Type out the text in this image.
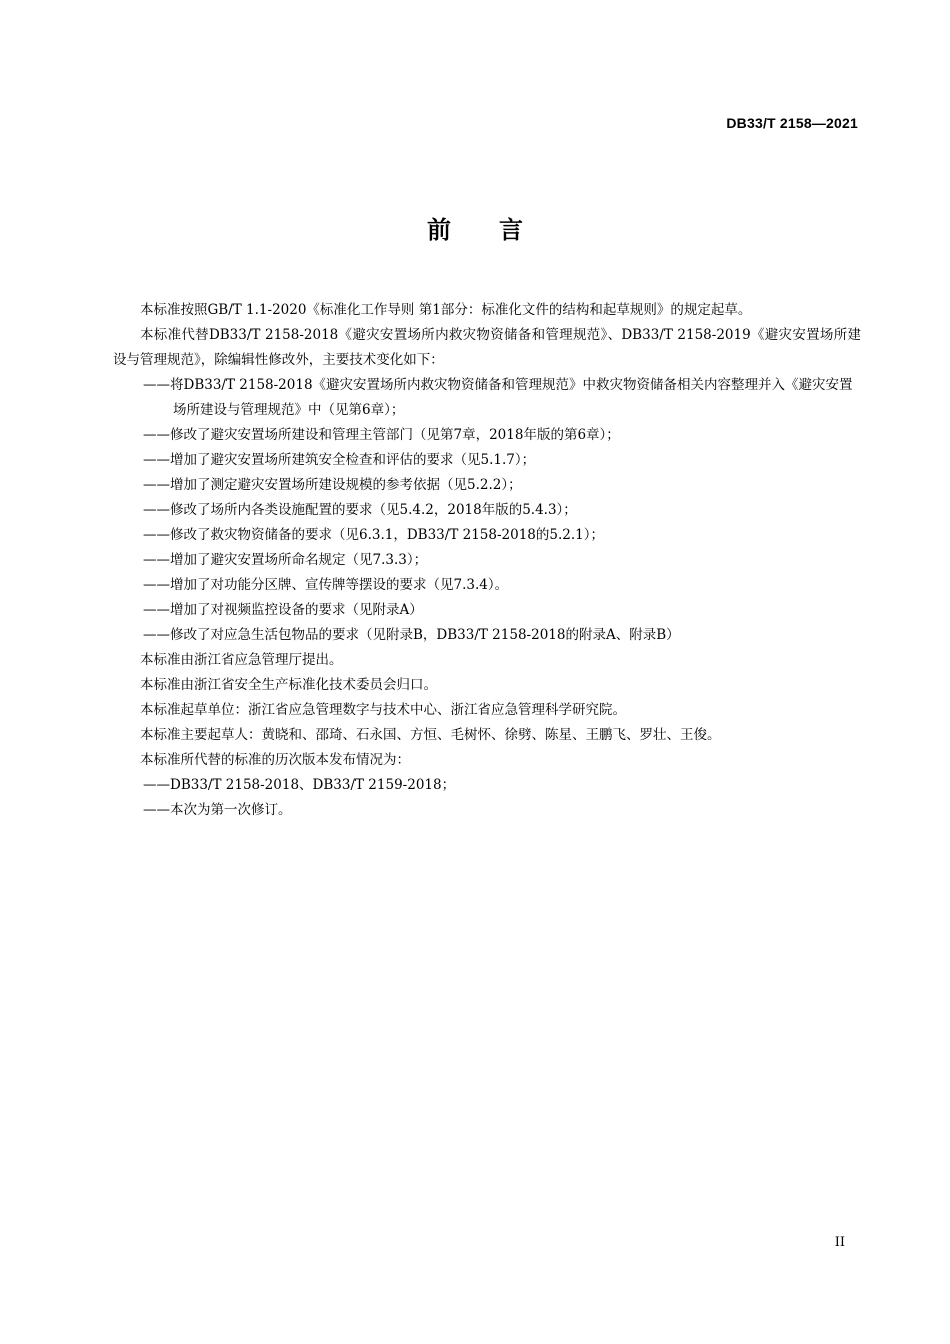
DB33/T 2158—2021
前言

本标准按照GB/T 1.1-2020《标准化工作导则 第1部分：标准化文件的结构和起草规则》的规定起草。

本标准代替DB33/T 2158-2018《避灾安置场所内救灾物资储备和管理规范》、DB33/T 2158-2019《避灾安置场所建设与管理规范》，除编辑性修改外，主要技术变化如下：

——将DB33/T 2158-2018《避灾安置场所内救灾物资储备和管理规范》中救灾物资储备相关内容整理并入《避灾安置场所建设与管理规范》中（见第6章）；

——修改了避灾安置场所建设和管理主管部门（见第7章，2018年版的第6章）；

——增加了避灾安置场所建筑安全检查和评估的要求（见5.1.7）；

——增加了测定避灾安置场所建设规模的参考依据（见5.2.2）；

——修改了场所内各类设施配置的要求（见5.4.2，2018年版的5.4.3）；

——修改了救灾物资储备的要求（见6.3.1，DB33/T 2158-2018的5.2.1）；

——增加了避灾安置场所命名规定（见7.3.3）；

——增加了对功能分区牌、宣传牌等摆设的要求（见7.3.4）。

——增加了对视频监控设备的要求（见附录A）

——修改了对应急生活包物品的要求（见附录B，DB33/T 2158-2018的附录A、附录B）

本标准由浙江省应急管理厅提出。

本标准由浙江省安全生产标准化技术委员会归口。

本标准起草单位：浙江省应急管理数字与技术中心、浙江省应急管理科学研究院。

本标准主要起草人：黄晓和、邵琦、石永国、方恒、毛树怀、徐劈、陈星、王鹏飞、罗壮、王俊。

本标准所代替的标准的历次版本发布情况为：

——DB33/T 2158-2018、DB33/T 2159-2018；

——本次为第一次修订。

II
